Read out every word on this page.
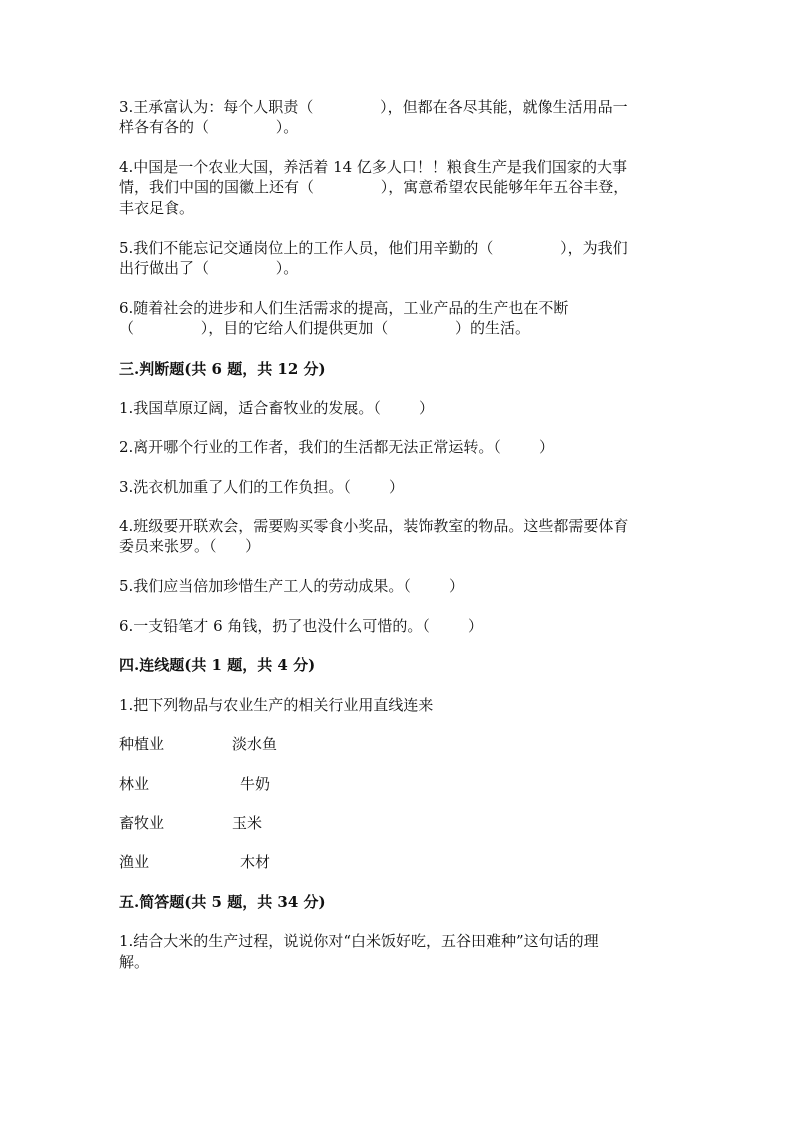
3.王承富认为：每个人职责（              ），但都在各尽其能，就像生活用品一
样各有各的（              ）。
4.中国是一个农业大国，养活着 14 亿多人口！！粮食生产是我们国家的大事
情，我们中国的国徽上还有（              ），寓意希望农民能够年年五谷丰登，
丰衣足食。
5.我们不能忘记交通岗位上的工作人员，他们用辛勤的（              ），为我们
出行做出了（              ）。
6.随着社会的进步和人们生活需求的提高，工业产品的生产也在不断
（              ），目的它给人们提供更加（              ）的生活。
三.判断题(共 6 题，共 12 分)
1.我国草原辽阔，适合畜牧业的发展。（        ）
2.离开哪个行业的工作者，我们的生活都无法正常运转。（        ）
3.洗衣机加重了人们的工作负担。（        ）
4.班级要开联欢会，需要购买零食小奖品，装饰教室的物品。这些都需要体育
委员来张罗。（      ）
5.我们应当倍加珍惜生产工人的劳动成果。（        ）
6.一支铅笔才 6 角钱，扔了也没什么可惜的。（        ）
四.连线题(共 1 题，共 4 分)
1.把下列物品与农业生产的相关行业用直线连来
种植业	淡水鱼
林业	牛奶
畜牧业	玉米
渔业	木材
五.简答题(共 5 题，共 34 分)
1.结合大米的生产过程，说说你对“白米饭好吃，五谷田难种”这句话的理
解。
